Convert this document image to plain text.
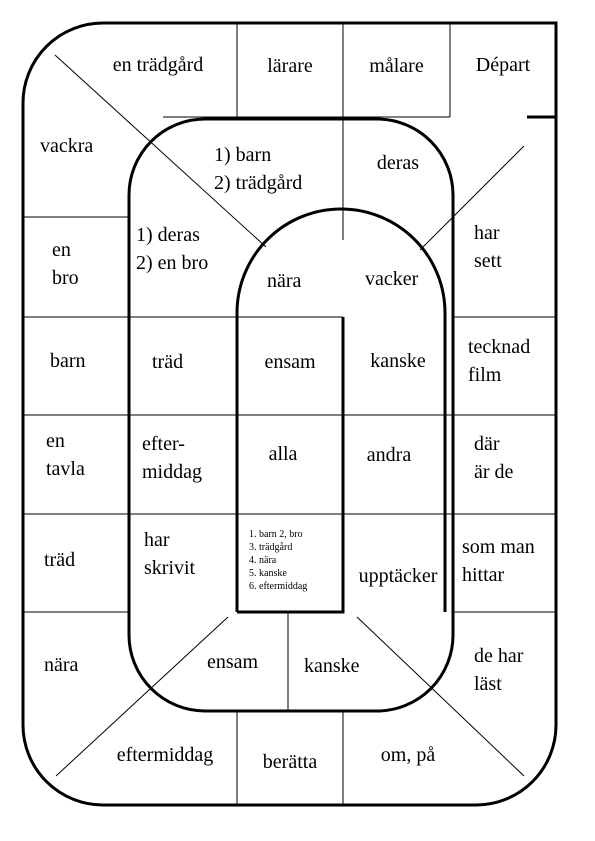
Départ
en trädgård	lärare	målare
vackra
en
bro
barn
en
tavla
träd
nära
eftermiddag	berätta	om, på
har
sett
tecknad
film
där
är de
som man
hittar
de har
läst
1) barn
2) trädgård
deras
1) deras
2) en bro
träd
efter-
middag
har
skrivit
ensam kanske
kanske
andra
upptäcker
nära	vacker
ensam
alla
1. barn 2, bro
3. trädgård
4. nära
5. kanske
6. eftermiddag
